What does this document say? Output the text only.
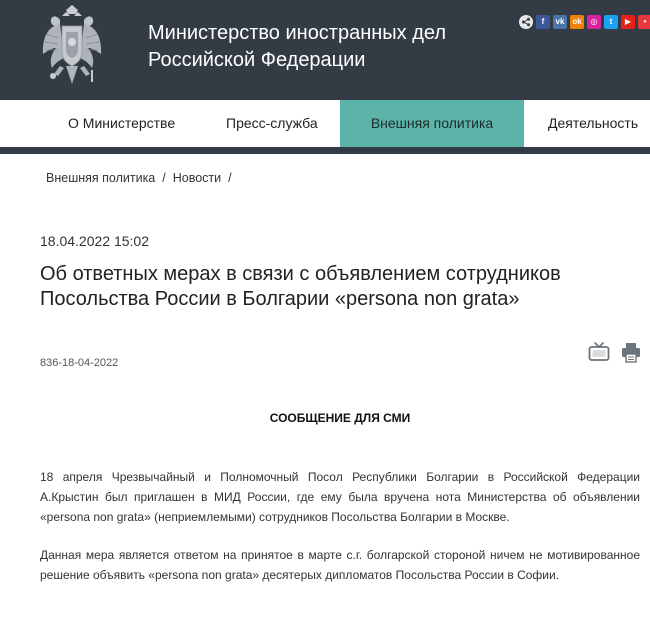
Министерство иностранных дел
Российской Федерации
f	vk ok	◎	t	▶	•
О Министерстве	Пресс-служба	Внешняя политика	Деятельность
Внешняя политика / Новости /
18.04.2022 15:02
Об ответных мерах в связи с объявлением сотрудников Посольства России в Болгарии «persona non grata»
836-18-04-2022
СООБЩЕНИЕ ДЛЯ СМИ

18 апреля Чрезвычайный и Полномочный Посол Республики Болгарии в Российской Федерации А.Крыстин был приглашен в МИД России, где ему была вручена нота Министерства об объявлении «persona non grata» (неприемлемыми) сотрудников Посольства Болгарии в Москве.

Данная мера является ответом на принятое в марте с.г. болгарской стороной ничем не мотивированное решение объявить «persona non grata» десятерых дипломатов Посольства России в Софии.
